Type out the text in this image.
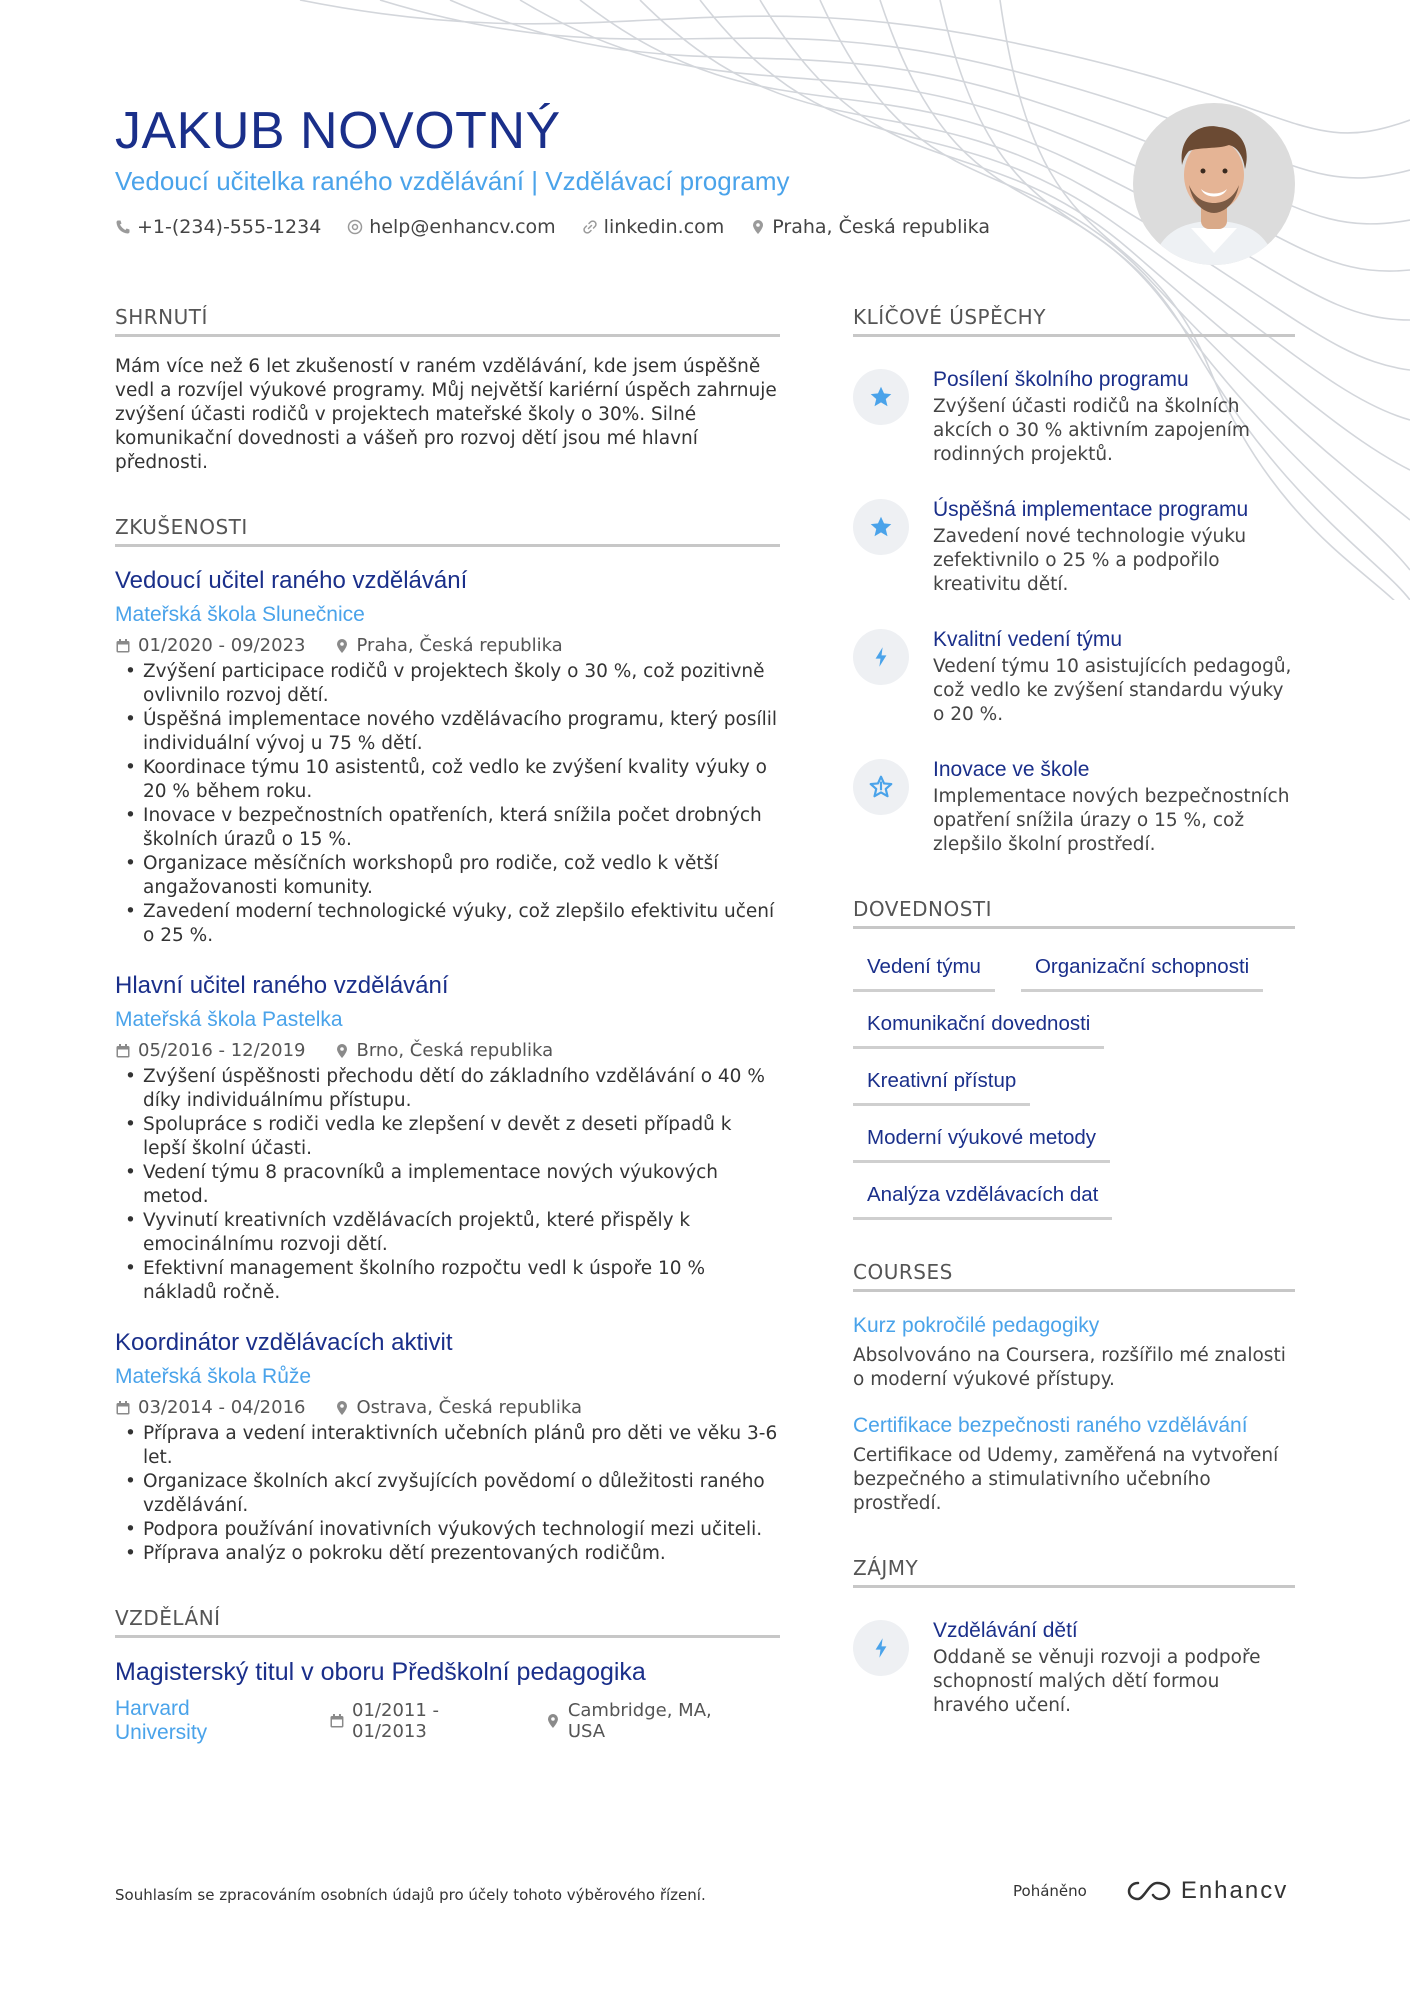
JAKUB NOVOTNÝ
Vedoucí učitelka raného vzdělávání | Vzdělávací programy
+1-(234)-555-1234	help@enhancv.com	linkedin.com	Praha, Česká republika
SHRNUTÍ

Mám více než 6 let zkušeností v raném vzdělávání, kde jsem úspěšně vedl a rozvíjel výukové programy. Můj největší kariérní úspěch zahrnuje zvýšení účasti rodičů v projektech mateřské školy o 30%. Silné komunikační dovednosti a vášeň pro rozvoj dětí jsou mé hlavní přednosti.

ZKUŠENOSTI
Vedoucí učitel raného vzdělávání
Mateřská škola Slunečnice
01/2020 - 09/2023	Praha, Česká republika
• Zvýšení participace rodičů v projektech školy o 30 %, což pozitivně ovlivnilo rozvoj dětí.
• Úspěšná implementace nového vzdělávacího programu, který posílil individuální vývoj u 75 % dětí.
• Koordinace týmu 10 asistentů, což vedlo ke zvýšení kvality výuky o 20 % během roku.
• Inovace v bezpečnostních opatřeních, která snížila počet drobných školních úrazů o 15 %.
• Organizace měsíčních workshopů pro rodiče, což vedlo k větší angažovanosti komunity.
• Zavedení moderní technologické výuky, což zlepšilo efektivitu učení o 25 %.
Hlavní učitel raného vzdělávání
Mateřská škola Pastelka
05/2016 - 12/2019	Brno, Česká republika
• Zvýšení úspěšnosti přechodu dětí do základního vzdělávání o 40 % díky individuálnímu přístupu.
• Spolupráce s rodiči vedla ke zlepšení v devět z deseti případů k lepší školní účasti.
• Vedení týmu 8 pracovníků a implementace nových výukových metod.
• Vyvinutí kreativních vzdělávacích projektů, které přispěly k emocinálnímu rozvoji dětí.
• Efektivní management školního rozpočtu vedl k úspoře 10 % nákladů ročně.
Koordinátor vzdělávacích aktivit
Mateřská škola Růže
03/2014 - 04/2016	Ostrava, Česká republika
• Příprava a vedení interaktivních učebních plánů pro děti ve věku 3-6 let.
• Organizace školních akcí zvyšujících povědomí o důležitosti raného vzdělávání.
• Podpora používání inovativních výukových technologií mezi učiteli.
• Příprava analýz o pokroku dětí prezentovaných rodičům.
VZDĚLÁNÍ
Magisterský titul v oboru Předškolní pedagogika
Harvard University
01/2011 - 01/2013
Cambridge, MA, USA
KLÍČOVÉ ÚSPĚCHY
Posílení školního programu
Zvýšení účasti rodičů na školních akcích o 30 % aktivním zapojením rodinných projektů.
Úspěšná implementace programu
Zavedení nové technologie výuku zefektivnilo o 25 % a podpořilo kreativitu dětí.
Kvalitní vedení týmu
Vedení týmu 10 asistujících pedagogů, což vedlo ke zvýšení standardu výuky o 20 %.
Inovace ve škole
Implementace nových bezpečnostních opatření snížila úrazy o 15 %, což zlepšilo školní prostředí.
DOVEDNOSTI
Vedení týmu	Organizační schopnosti
Komunikační dovednosti
Kreativní přístup
Moderní výukové metody
Analýza vzdělávacích dat
COURSES
Kurz pokročilé pedagogiky
Absolvováno na Coursera, rozšířilo mé znalosti o moderní výukové přístupy.
Certifikace bezpečnosti raného vzdělávání
Certifikace od Udemy, zaměřená na vytvoření bezpečného a stimulativního učebního prostředí.
ZÁJMY
Vzdělávání dětí
Oddaně se věnuji rozvoji a podpoře schopností malých dětí formou hravého učení.
Souhlasím se zpracováním osobních údajů pro účely tohoto výběrového řízení.	Poháněno	Enhancv
